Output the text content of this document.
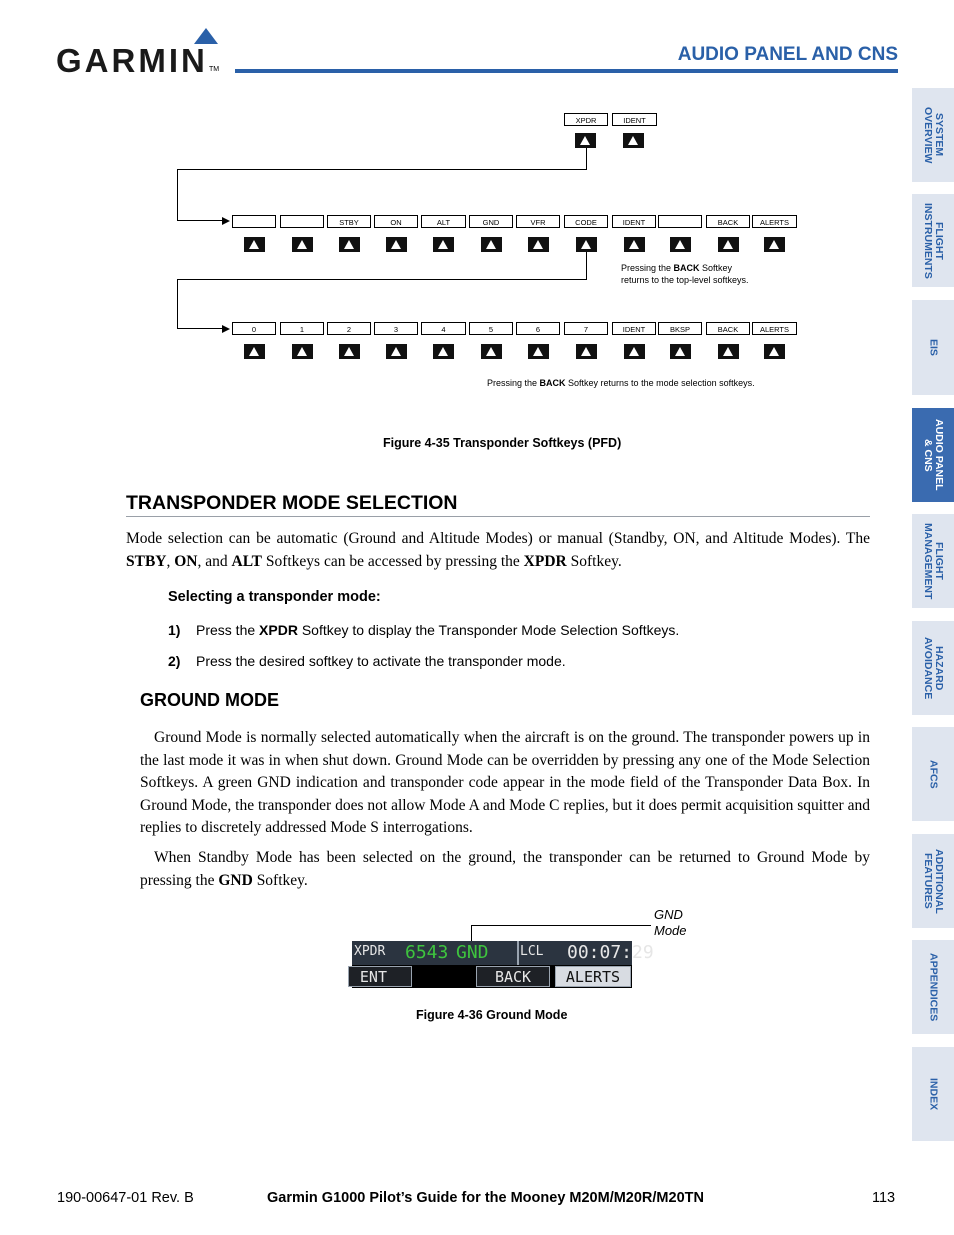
GARMIN TM
AUDIO PANEL AND CNS
SYSTEM
OVERVIEW
FLIGHT
INSTRUMENTS
EIS
AUDIO PANEL
& CNS
FLIGHT
MANAGEMENT
HAZARD
AVOIDANCE
AFCS
ADDITIONAL
FEATURES
APPENDICES
INDEX
XPDR	IDENT
STBY	ON	ALT	GND	VFR	CODE	IDENT	BACK	ALERTS
Pressing the BACK Softkey
returns to the top-level softkeys.
0	1	2	3	4	5	6	7	IDENT	BKSP	BACK	ALERTS
Pressing the BACK Softkey returns to the mode selection softkeys.
Figure 4-35 Transponder Softkeys (PFD)
TRANSPONDER MODE SELECTION
Mode selection can be automatic (Ground and Altitude Modes) or manual (Standby, ON, and Altitude Modes). The STBY, ON, and ALT Softkeys can be accessed by pressing the XPDR Softkey.
Selecting a transponder mode:
1) Press the XPDR Softkey to display the Transponder Mode Selection Softkeys.
2) Press the desired softkey to activate the transponder mode.
GROUND MODE
Ground Mode is normally selected automatically when the aircraft is on the ground. The transponder powers up in the last mode it was in when shut down. Ground Mode can be overridden by pressing any one of the Mode Selection Softkeys. A green GND indication and transponder code appear in the mode field of the Transponder Data Box. In Ground Mode, the transponder does not allow Mode A and Mode C replies, but it does permit acquisition squitter and replies to discretely addressed Mode S interrogations.
When Standby Mode has been selected on the ground, the transponder can be returned to Ground Mode by pressing the GND Softkey.
GND
Mode
XPDR 6543 GND LCL 00:07:29
ENT	BACK	ALERTS
Figure 4-36 Ground Mode
190-00647-01 Rev. B	Garmin G1000 Pilot’s Guide for the Mooney M20M/M20R/M20TN	113
